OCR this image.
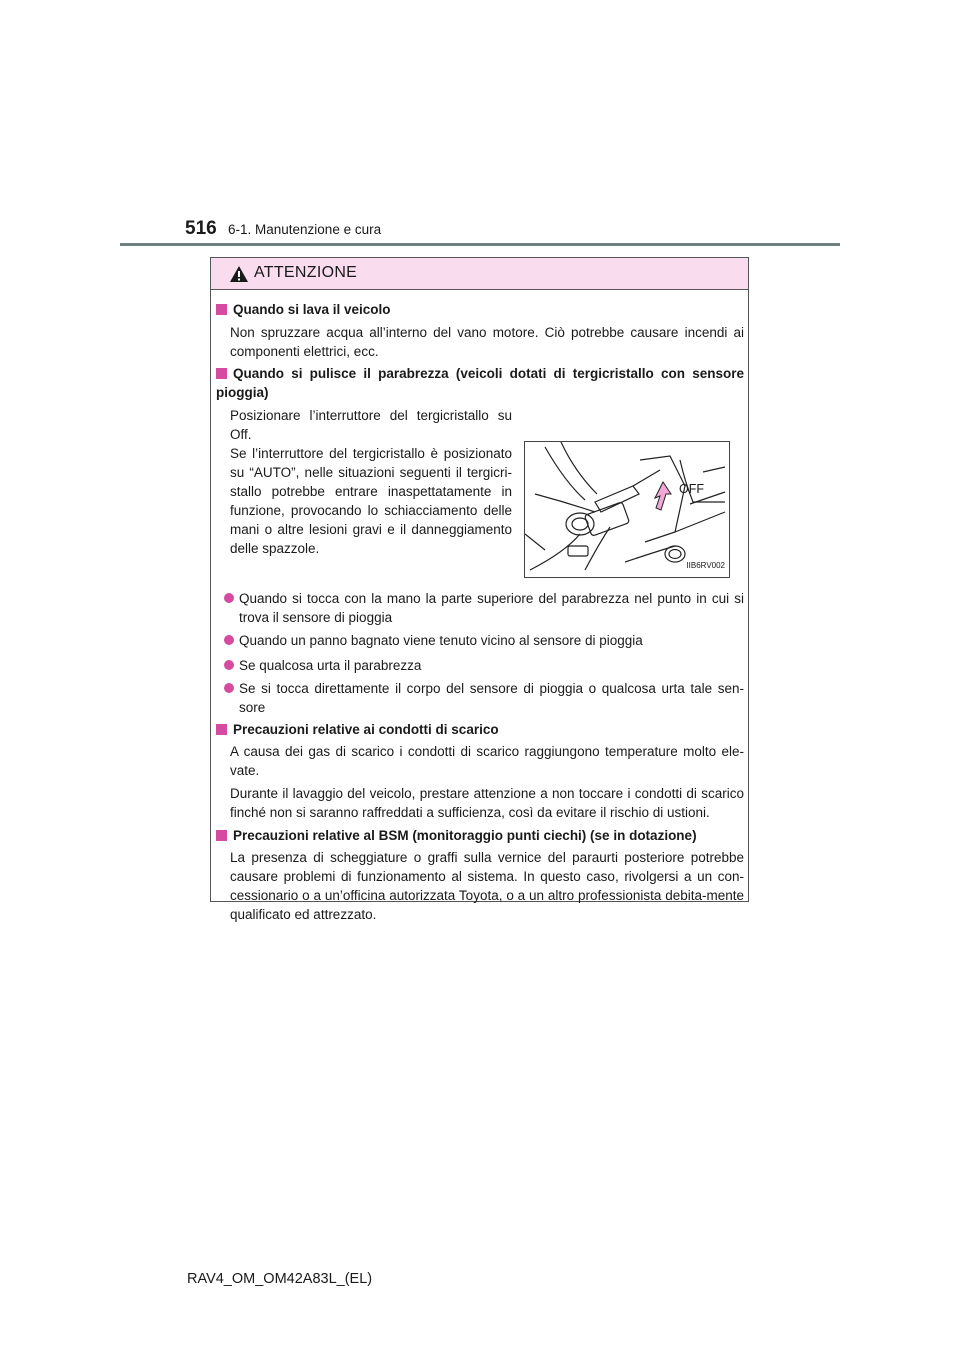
516 6-1. Manutenzione e cura
ATTENZIONE
Quando si lava il veicolo
Non spruzzare acqua all’interno del vano motore. Ciò potrebbe causare incendi ai componenti elettrici, ecc.
Quando si pulisce il parabrezza (veicoli dotati di tergicristallo con sensore pioggia)
Posizionare l’interruttore del tergicristallo su Off.
Se l’interruttore del tergicristallo è posizionato su “AUTO”, nelle situazioni seguenti il tergicri-stallo potrebbe entrare inaspettatamente in funzione, provocando lo schiacciamento delle mani o altre lesioni gravi e il danneggiamento delle spazzole.
OFF
IIB6RV002
Quando si tocca con la mano la parte superiore del parabrezza nel punto in cui si trova il sensore di pioggia
Quando un panno bagnato viene tenuto vicino al sensore di pioggia
Se qualcosa urta il parabrezza
Se si tocca direttamente il corpo del sensore di pioggia o qualcosa urta tale sen-sore
Precauzioni relative ai condotti di scarico
A causa dei gas di scarico i condotti di scarico raggiungono temperature molto ele-vate.
Durante il lavaggio del veicolo, prestare attenzione a non toccare i condotti di scarico finché non si saranno raffreddati a sufficienza, così da evitare il rischio di ustioni.
Precauzioni relative al BSM (monitoraggio punti ciechi) (se in dotazione)
La presenza di scheggiature o graffi sulla vernice del paraurti posteriore potrebbe causare problemi di funzionamento al sistema. In questo caso, rivolgersi a un con-cessionario o a un’officina autorizzata Toyota, o a un altro professionista debita-mente qualificato ed attrezzato.
RAV4_OM_OM42A83L_(EL)
